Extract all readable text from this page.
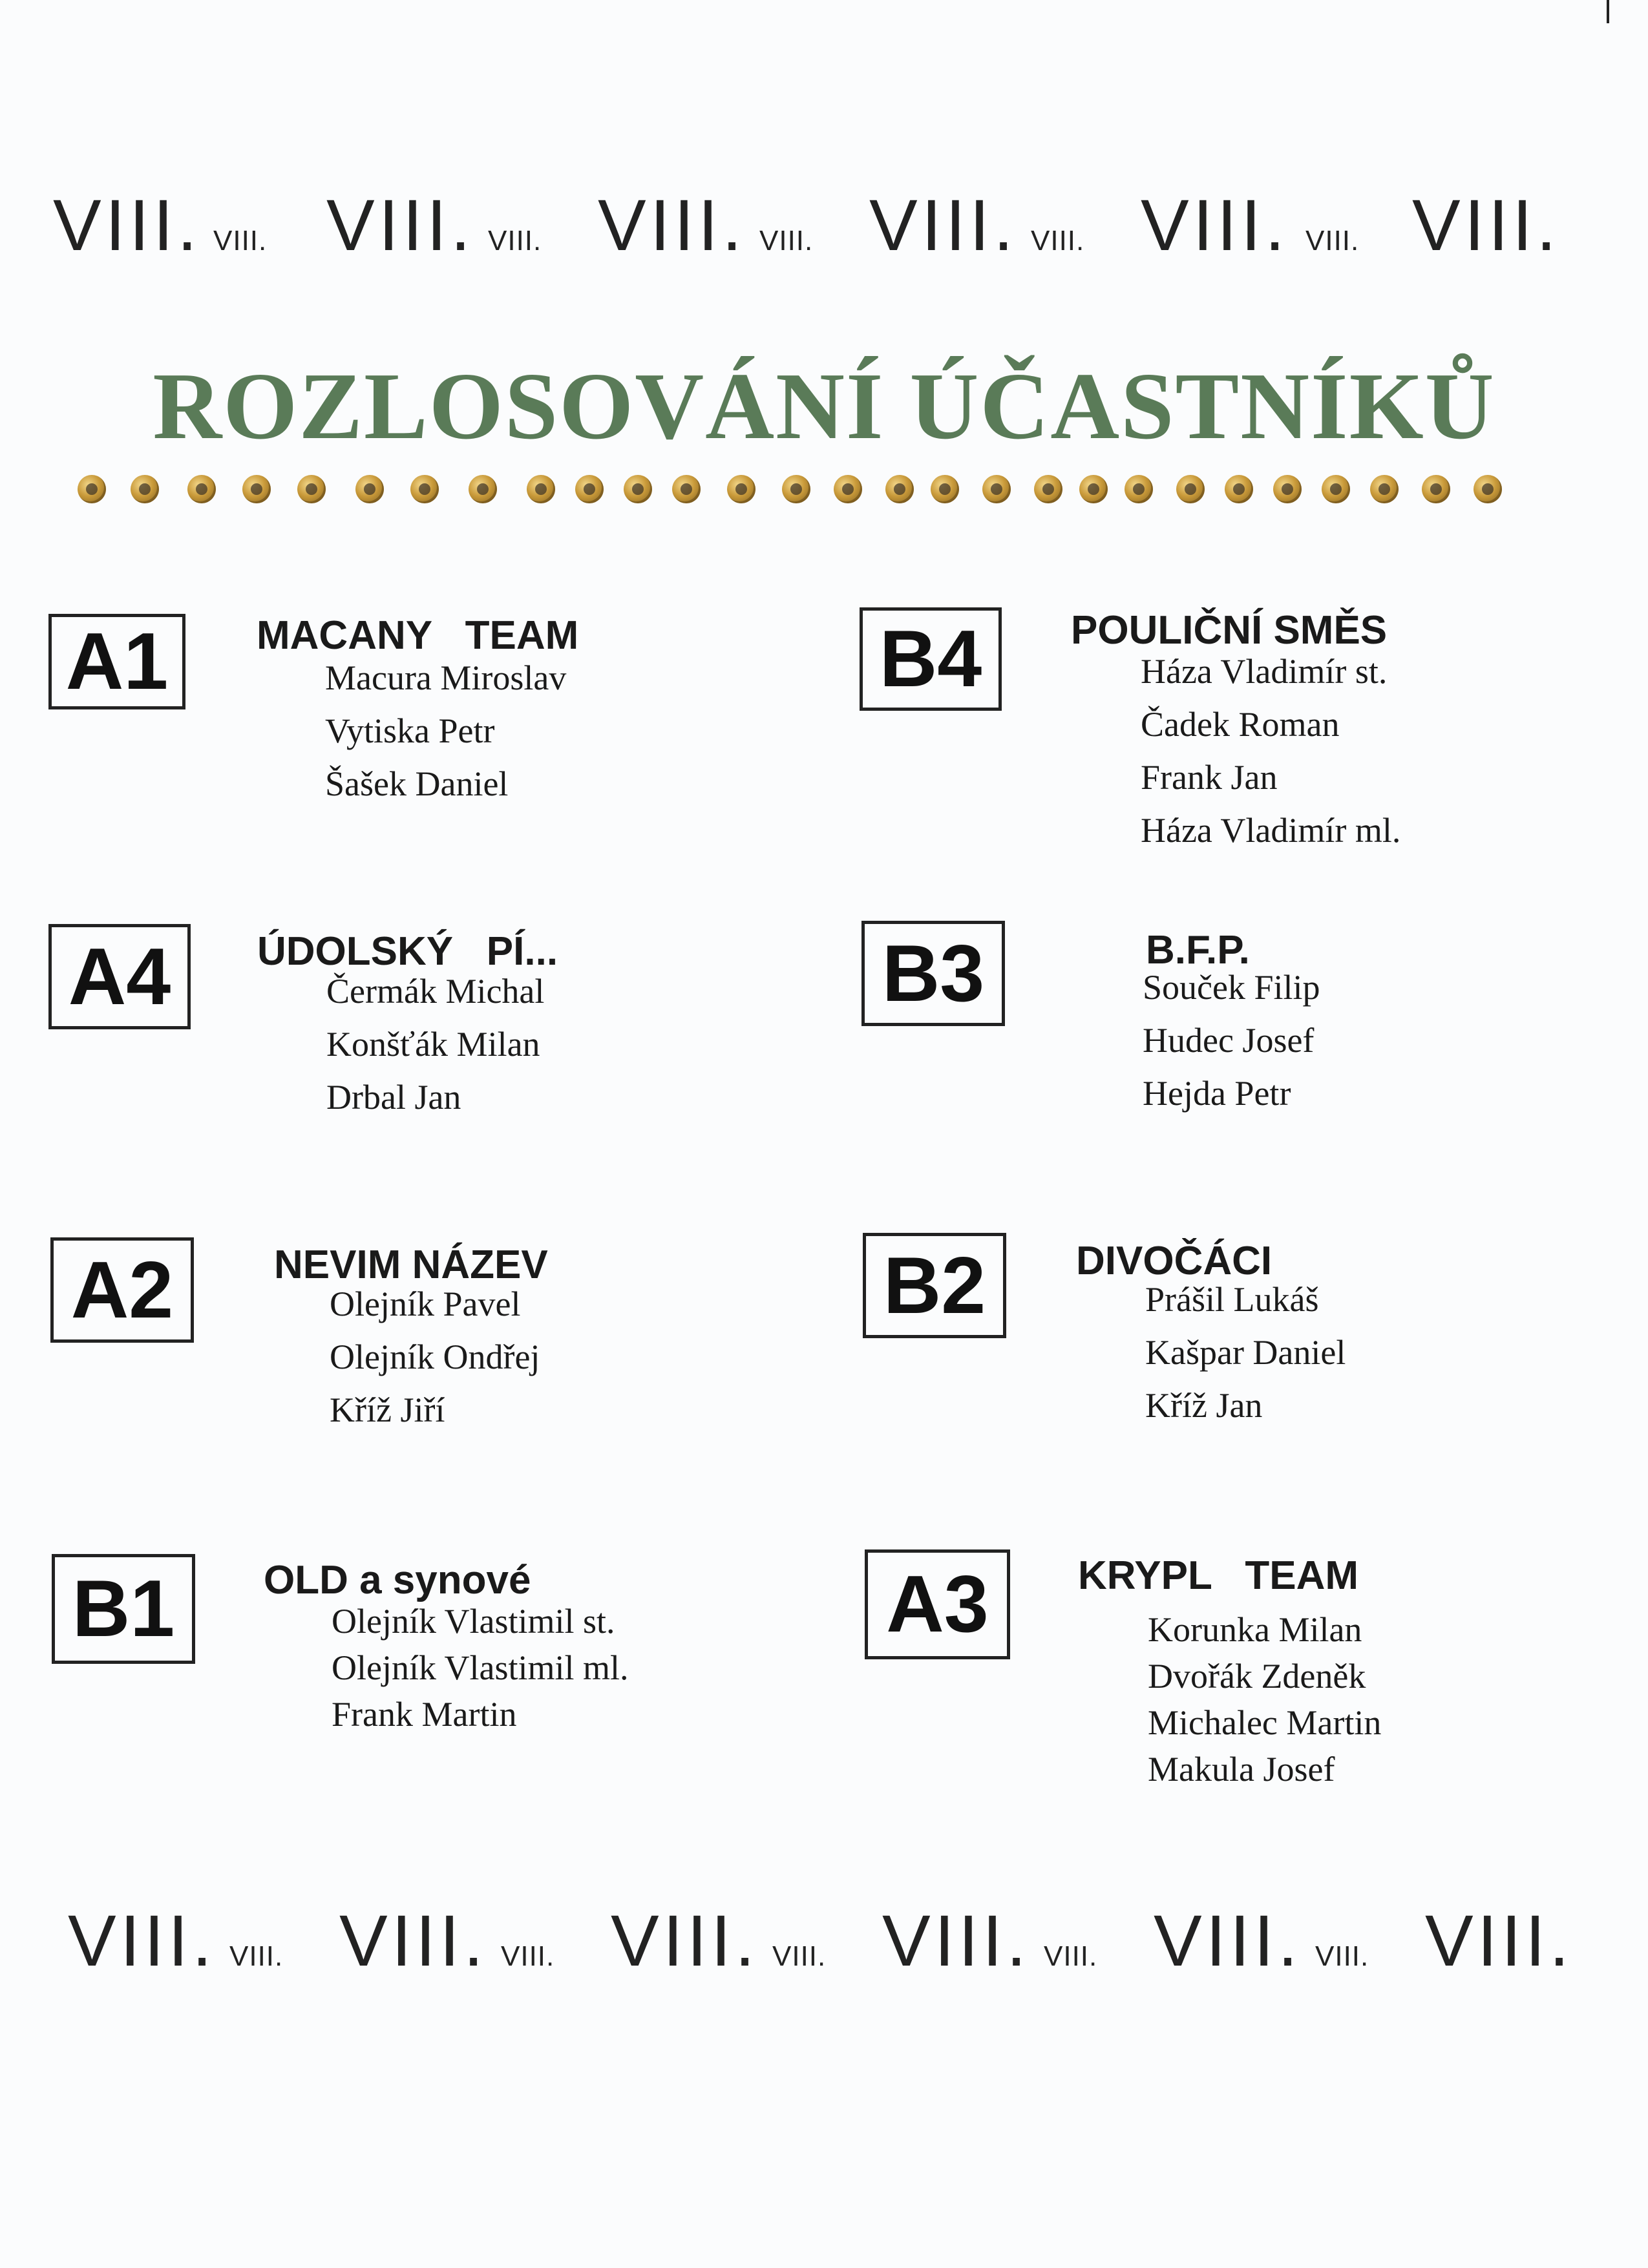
VIII. VIII. VIII. VIII. VIII. VIII. VIII. VIII. VIII. VIII. VIII.
ROZLOSOVÁNÍ ÚČASTNÍKŮ
A1	MACANY   TEAM
Macura Miroslav
Vytiska Petr
Šašek Daniel
B4	POULIČNÍ SMĚS
Háza Vladimír st.
Čadek Roman
Frank Jan
Háza Vladimír ml.
A4	ÚDOLSKÝ   PÍ...
Čermák Michal
Konšťák Milan
Drbal Jan
B3	B.F.P.
Souček Filip
Hudec Josef
Hejda Petr
A2	NEVIM NÁZEV
Olejník Pavel
Olejník Ondřej
Kříž Jiří
B2	DIVOČÁCI
Prášil Lukáš
Kašpar Daniel
Kříž Jan
B1	OLD a synové
Olejník Vlastimil st.
Olejník Vlastimil ml.
Frank Martin
A3	KRYPL   TEAM
Korunka Milan
Dvořák Zdeněk
Michalec Martin
Makula Josef
VIII. VIII. VIII. VIII. VIII. VIII. VIII. VIII. VIII. VIII. VIII.
